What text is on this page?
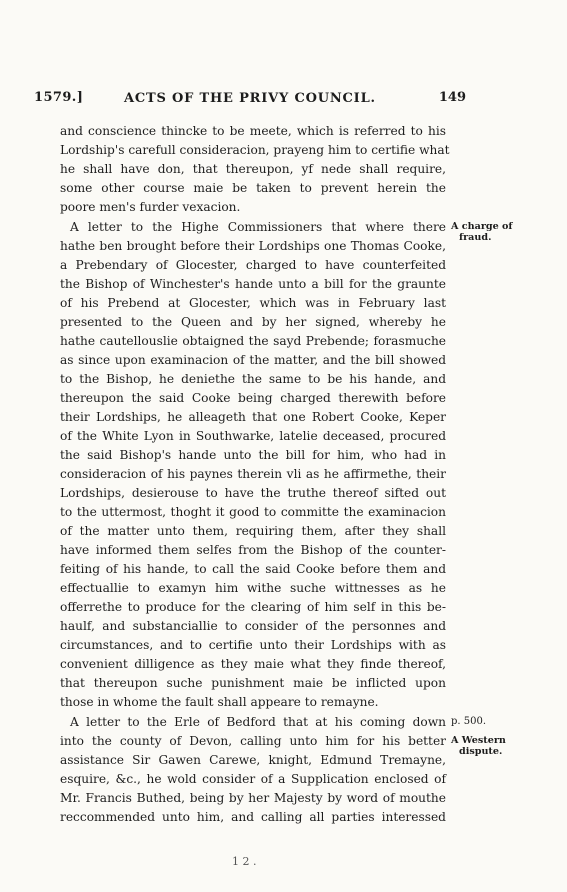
1579.]	ACTS OF THE PRIVY COUNCIL.	149
and conscience thincke to be meete, which is referred to his
Lordship's carefull consideracion, prayeng him to certifie what
he shall have don, that thereupon, yf nede shall require,
some other course maie be taken to prevent herein the
poore men's furder vexacion.
A letter to the Highe Commissioners that where there
hathe ben brought before their Lordships one Thomas Cooke,
a Prebendary of Glocester, charged to have counterfeited
the Bishop of Winchester's hande unto a bill for the graunte
of his Prebend at Glocester, which was in February last
presented to the Queen and by her signed, whereby he
hathe cautellouslie obtaigned the sayd Prebende; forasmuche
as since upon examinacion of the matter, and the bill showed
to the Bishop, he deniethe the same to be his hande, and
thereupon the said Cooke being charged therewith before
their Lordships, he alleageth that one Robert Cooke, Keper
of the White Lyon in Southwarke, latelie deceased, procured
the said Bishop's hande unto the bill for him, who had in
consideracion of his paynes therein vli as he affirmethe, their
Lordships, desierouse to have the truthe thereof sifted out
to the uttermost, thoght it good to committe the examinacion
of the matter unto them, requiring them, after they shall
have informed them selfes from the Bishop of the counter-
feiting of his hande, to call the said Cooke before them and
effectuallie to examyn him withe suche wittnesses as he
offerrethe to produce for the clearing of him self in this be-
haulf, and substanciallie to consider of the personnes and
circumstances, and to certifie unto their Lordships with as
convenient dilligence as they maie what they finde thereof,
that thereupon suche punishment maie be inflicted upon
those in whome the fault shall appeare to remayne.
A letter to the Erle of Bedford that at his coming down
into the county of Devon, calling unto him for his better
assistance Sir Gawen Carewe, knight, Edmund Tremayne,
esquire, &c., he wold consider of a Supplication enclosed of
Mr. Francis Buthed, being by her Majesty by word of mouthe
reccommended unto him, and calling all parties interessed
A charge of
fraud.
p. 500.
A Western
dispute.
1 2 .
